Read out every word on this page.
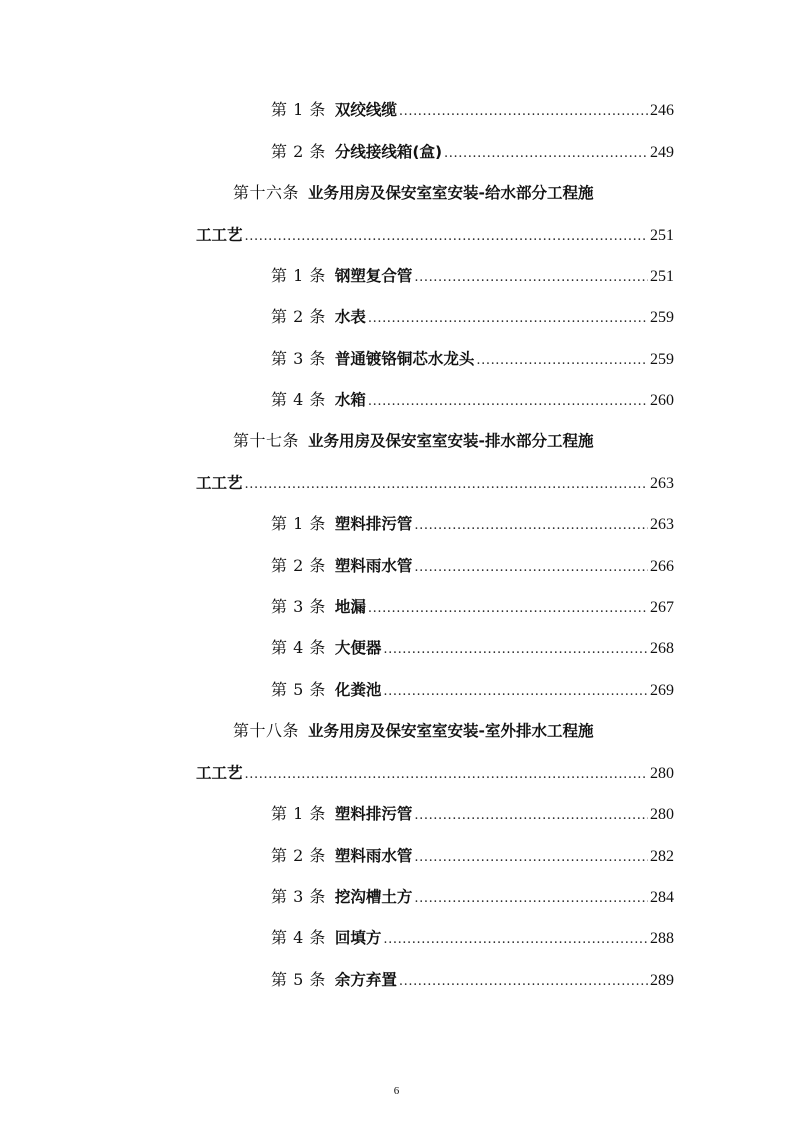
第 1 条 双绞线缆 .....	246
第 2 条 分线接线箱(盒) .....	249
第十六条 业务用房及保安室室安装-给水部分工程施
工工艺 .....	251
第 1 条 钢塑复合管 .....	251
第 2 条 水表 .....	259
第 3 条 普通镀铬铜芯水龙头 .....	259
第 4 条 水箱 .....	260
第十七条 业务用房及保安室室安装-排水部分工程施
工工艺 .....	263
第 1 条 塑料排污管 .....	263
第 2 条 塑料雨水管 .....	266
第 3 条 地漏 .....	267
第 4 条 大便器 .....	268
第 5 条 化粪池 .....	269
第十八条 业务用房及保安室室安装-室外排水工程施
工工艺 .....	280
第 1 条 塑料排污管 .....	280
第 2 条 塑料雨水管 .....	282
第 3 条 挖沟槽土方 .....	284
第 4 条 回填方 .....	288
第 5 条 余方弃置 .....	289
6
